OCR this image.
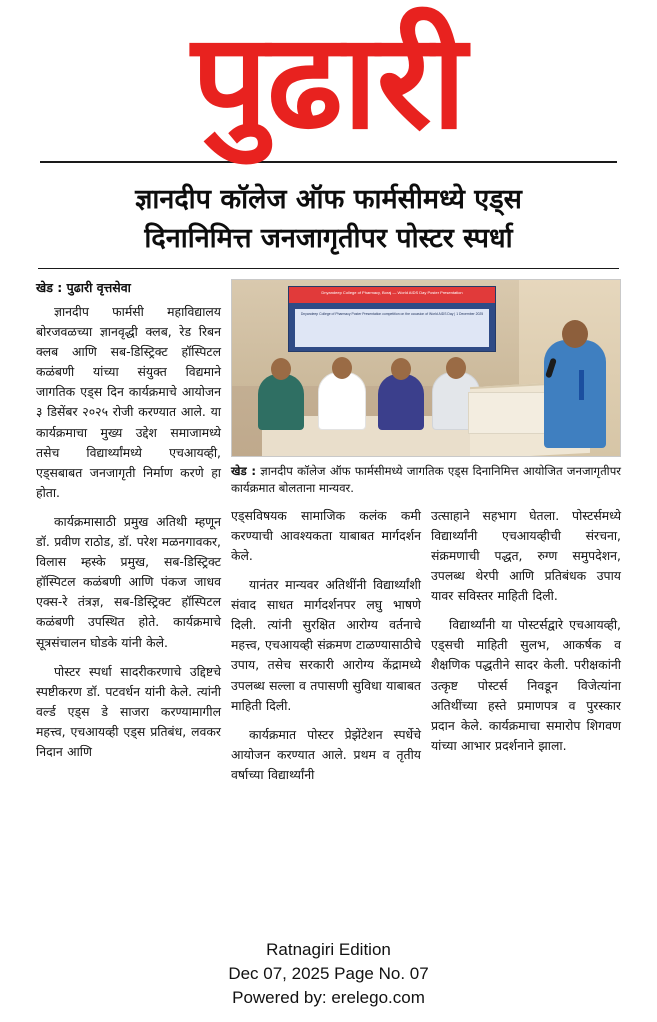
पुढारी
ज्ञानदीप कॉलेज ऑफ फार्मसीमध्ये एड्स
दिनानिमित्त जनजागृतीपर पोस्टर स्पर्धा
खेड : पुढारी वृत्तसेवा

ज्ञानदीप फार्मसी महाविद्यालय बोरजवळच्या ज्ञानवृद्धी क्लब, रेड रिबन क्लब आणि सब-डिस्ट्रिक्ट हॉस्पिटल कळंबणी यांच्या संयुक्त विद्यमाने जागतिक एड्स दिन कार्यक्रमाचे आयोजन ३ डिसेंबर २०२५ रोजी करण्यात आले. या कार्यक्रमाचा मुख्य उद्देश समाजामध्ये तसेच विद्यार्थ्यांमध्ये एचआयव्ही, एड्सबाबत जनजागृती निर्माण करणे हा होता.

कार्यक्रमासाठी प्रमुख अतिथी म्हणून डॉ. प्रवीण राठोड, डॉ. परेश मळनगावकर, विलास म्हस्के प्रमुख, सब-डिस्ट्रिक्ट हॉस्पिटल कळंबणी आणि पंकज जाधव एक्स-रे तंत्रज्ञ, सब-डिस्ट्रिक्ट हॉस्पिटल कळंबणी उपस्थित होते. कार्यक्रमाचे सूत्रसंचालन घोडके यांनी केले.

पोस्टर स्पर्धा सादरीकरणाचे उद्दिष्टचे स्पष्टीकरण डॉ. पटवर्धन यांनी केले. त्यांनी वर्ल्ड एड्स डे साजरा करण्यामागील महत्त्व, एचआयव्ही एड्स प्रतिबंध, लवकर निदान आणि

Dnyandeep College of Pharmacy, Boraj — World AIDS Day Poster Presentation
Dnyandeep College of Pharmacy Poster Presentation competition on the occasion of World AIDS Day | 1 December 2025
खेड : ज्ञानदीप कॉलेज ऑफ फार्मसीमध्ये जागतिक एड्स दिनानिमित्त आयोजित जनजागृतीपर कार्यक्रमात बोलताना मान्यवर.

एड्सविषयक सामाजिक कलंक कमी करण्याची आवश्यकता याबाबत मार्गदर्शन केले.

यानंतर मान्यवर अतिथींनी विद्यार्थ्यांशी संवाद साधत मार्गदर्शनपर लघु भाषणे दिली. त्यांनी सुरक्षित आरोग्य वर्तनाचे महत्त्व, एचआयव्ही संक्रमण टाळण्यासाठीचे उपाय, तसेच सरकारी आरोग्य केंद्रामध्ये उपलब्ध सल्ला व तपासणी सुविधा याबाबत माहिती दिली.

कार्यक्रमात पोस्टर प्रेझेंटेशन स्पर्धेचे आयोजन करण्यात आले. प्रथम व तृतीय वर्षाच्या विद्यार्थ्यांनी

उत्साहाने सहभाग घेतला. पोस्टर्समध्ये विद्यार्थ्यांनी एचआयव्हीची संरचना, संक्रमणाची पद्धत, रुग्ण समुपदेशन, उपलब्ध थेरपी आणि प्रतिबंधक उपाय यावर सविस्तर माहिती दिली.

विद्यार्थ्यांनी या पोस्टर्सद्वारे एचआयव्ही, एड्सची माहिती सुलभ, आकर्षक व शैक्षणिक पद्धतीने सादर केली. परीक्षकांनी उत्कृष्ट पोस्टर्स निवडून विजेत्यांना अतिथींच्या हस्ते प्रमाणपत्र व पुरस्कार प्रदान केले. कार्यक्रमाचा समारोप शिगवण यांच्या आभार प्रदर्शनाने झाला.

Ratnagiri Edition
Dec 07, 2025 Page No. 07
Powered by: erelego.com
